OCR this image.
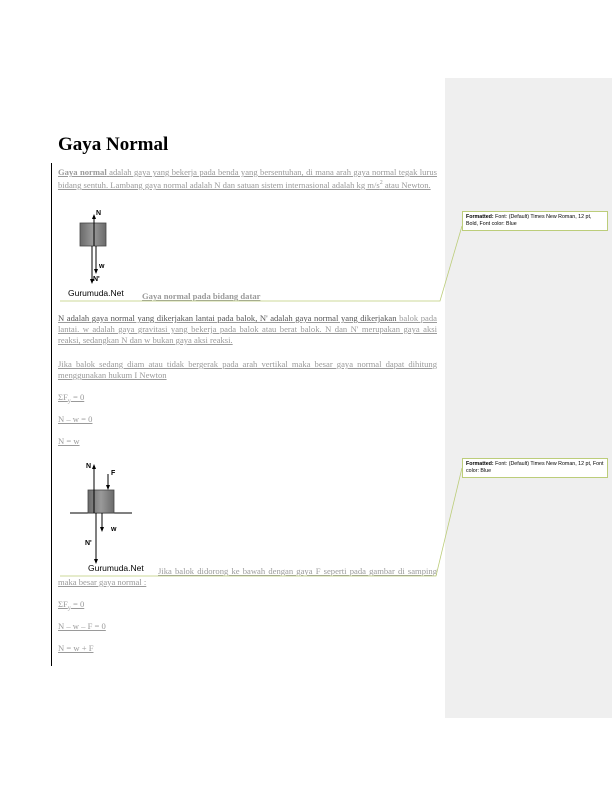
Gaya Normal
Gaya normal adalah gaya yang bekerja pada benda yang bersentuhan, di mana arah gaya normal tegak lurus bidang sentuh. Lambang gaya normal adalah N dan satuan sistem internasional adalah kg $m/s^2$ atau Newton.
N
w
N'
Gurumuda.Net Gaya normal pada bidang datar
N adalah gaya normal yang dikerjakan lantai pada balok, N' adalah gaya normal yang dikerjakan balok pada lantai. w adalah gaya gravitasi yang bekerja pada balok atau berat balok. N dan N' merupakan gaya aksi reaksi, sedangkan N dan w bukan gaya aksi reaksi.
Jika balok sedang diam atau tidak bergerak pada arah vertikal maka besar gaya normal dapat dihitung menggunakan hukum I Newton
$\Sigma F_y = 0$
N – w = 0
N = w
N
F
w
N'
Gurumuda.Net	Jika balok didorong ke bawah dengan gaya F seperti pada gambar di samping maka besar gaya normal :
$\Sigma F_y = 0$
N – w – F = 0
N = w + F
Formatted: Font: (Default) Times New Roman, 12 pt, Bold, Font color: Blue
Formatted: Font: (Default) Times New Roman, 12 pt, Font color: Blue
